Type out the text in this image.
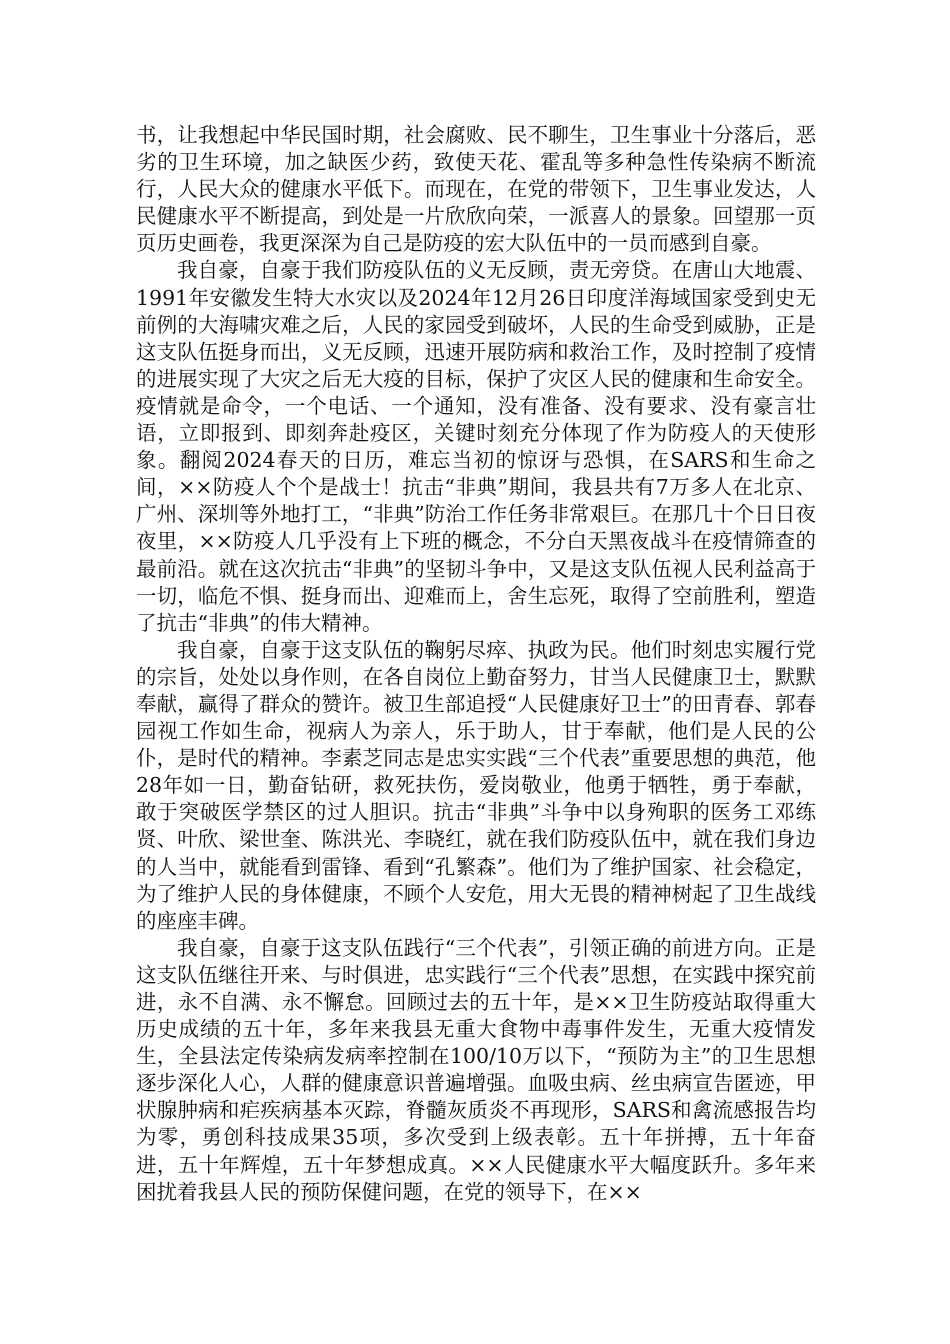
书，让我想起中华民国时期，社会腐败、民不聊生，卫生事业十分落后，恶劣的卫生环境，加之缺医少药，致使天花、霍乱等多种急性传染病不断流行，人民大众的健康水平低下。而现在，在党的带领下，卫生事业发达，人民健康水平不断提高，到处是一片欣欣向荣，一派喜人的景象。回望那一页页历史画卷，我更深深为自己是防疫的宏大队伍中的一员而感到自豪。

我自豪，自豪于我们防疫队伍的义无反顾，责无旁贷。在唐山大地震、1991年安徽发生特大水灾以及2024年12月26日印度洋海域国家受到史无前例的大海啸灾难之后，人民的家园受到破坏，人民的生命受到威胁，正是这支队伍挺身而出，义无反顾，迅速开展防病和救治工作，及时控制了疫情的进展实现了大灾之后无大疫的目标，保护了灾区人民的健康和生命安全。疫情就是命令，一个电话、一个通知，没有准备、没有要求、没有豪言壮语，立即报到、即刻奔赴疫区，关键时刻充分体现了作为防疫人的天使形象。翻阅2024春天的日历，难忘当初的惊讶与恐惧，在SARS和生命之间，××防疫人个个是战士！抗击“非典”期间，我县共有7万多人在北京、广州、深圳等外地打工，“非典”防治工作任务非常艰巨。在那几十个日日夜夜里，××防疫人几乎没有上下班的概念，不分白天黑夜战斗在疫情筛查的最前沿。就在这次抗击“非典”的坚韧斗争中，又是这支队伍视人民利益高于一切，临危不惧、挺身而出、迎难而上，舍生忘死，取得了空前胜利，塑造了抗击“非典”的伟大精神。

我自豪，自豪于这支队伍的鞠躬尽瘁、执政为民。他们时刻忠实履行党的宗旨，处处以身作则，在各自岗位上勤奋努力，甘当人民健康卫士，默默奉献，赢得了群众的赞许。被卫生部追授“人民健康好卫士”的田青春、郭春园视工作如生命，视病人为亲人，乐于助人，甘于奉献，他们是人民的公仆，是时代的精神。李素芝同志是忠实实践“三个代表”重要思想的典范，他28年如一日，勤奋钻研，救死扶伤，爱岗敬业，他勇于牺牲，勇于奉献，敢于突破医学禁区的过人胆识。抗击“非典”斗争中以身殉职的医务工邓练贤、叶欣、梁世奎、陈洪光、李晓红，就在我们防疫队伍中，就在我们身边的人当中，就能看到雷锋、看到“孔繁森”。他们为了维护国家、社会稳定，为了维护人民的身体健康，不顾个人安危，用大无畏的精神树起了卫生战线的座座丰碑。

我自豪，自豪于这支队伍践行“三个代表”，引领正确的前进方向。正是这支队伍继往开来、与时俱进，忠实践行“三个代表”思想，在实践中探究前进，永不自满、永不懈怠。回顾过去的五十年，是××卫生防疫站取得重大历史成绩的五十年，多年来我县无重大食物中毒事件发生，无重大疫情发生，全县法定传染病发病率控制在100/10万以下，“预防为主”的卫生思想逐步深化人心，人群的健康意识普遍增强。血吸虫病、丝虫病宣告匿迹，甲状腺肿病和疟疾病基本灭踪，脊髓灰质炎不再现形，SARS和禽流感报告均为零，勇创科技成果35项，多次受到上级表彰。五十年拼搏，五十年奋进，五十年辉煌，五十年梦想成真。××人民健康水平大幅度跃升。多年来困扰着我县人民的预防保健问题，在党的领导下，在××
